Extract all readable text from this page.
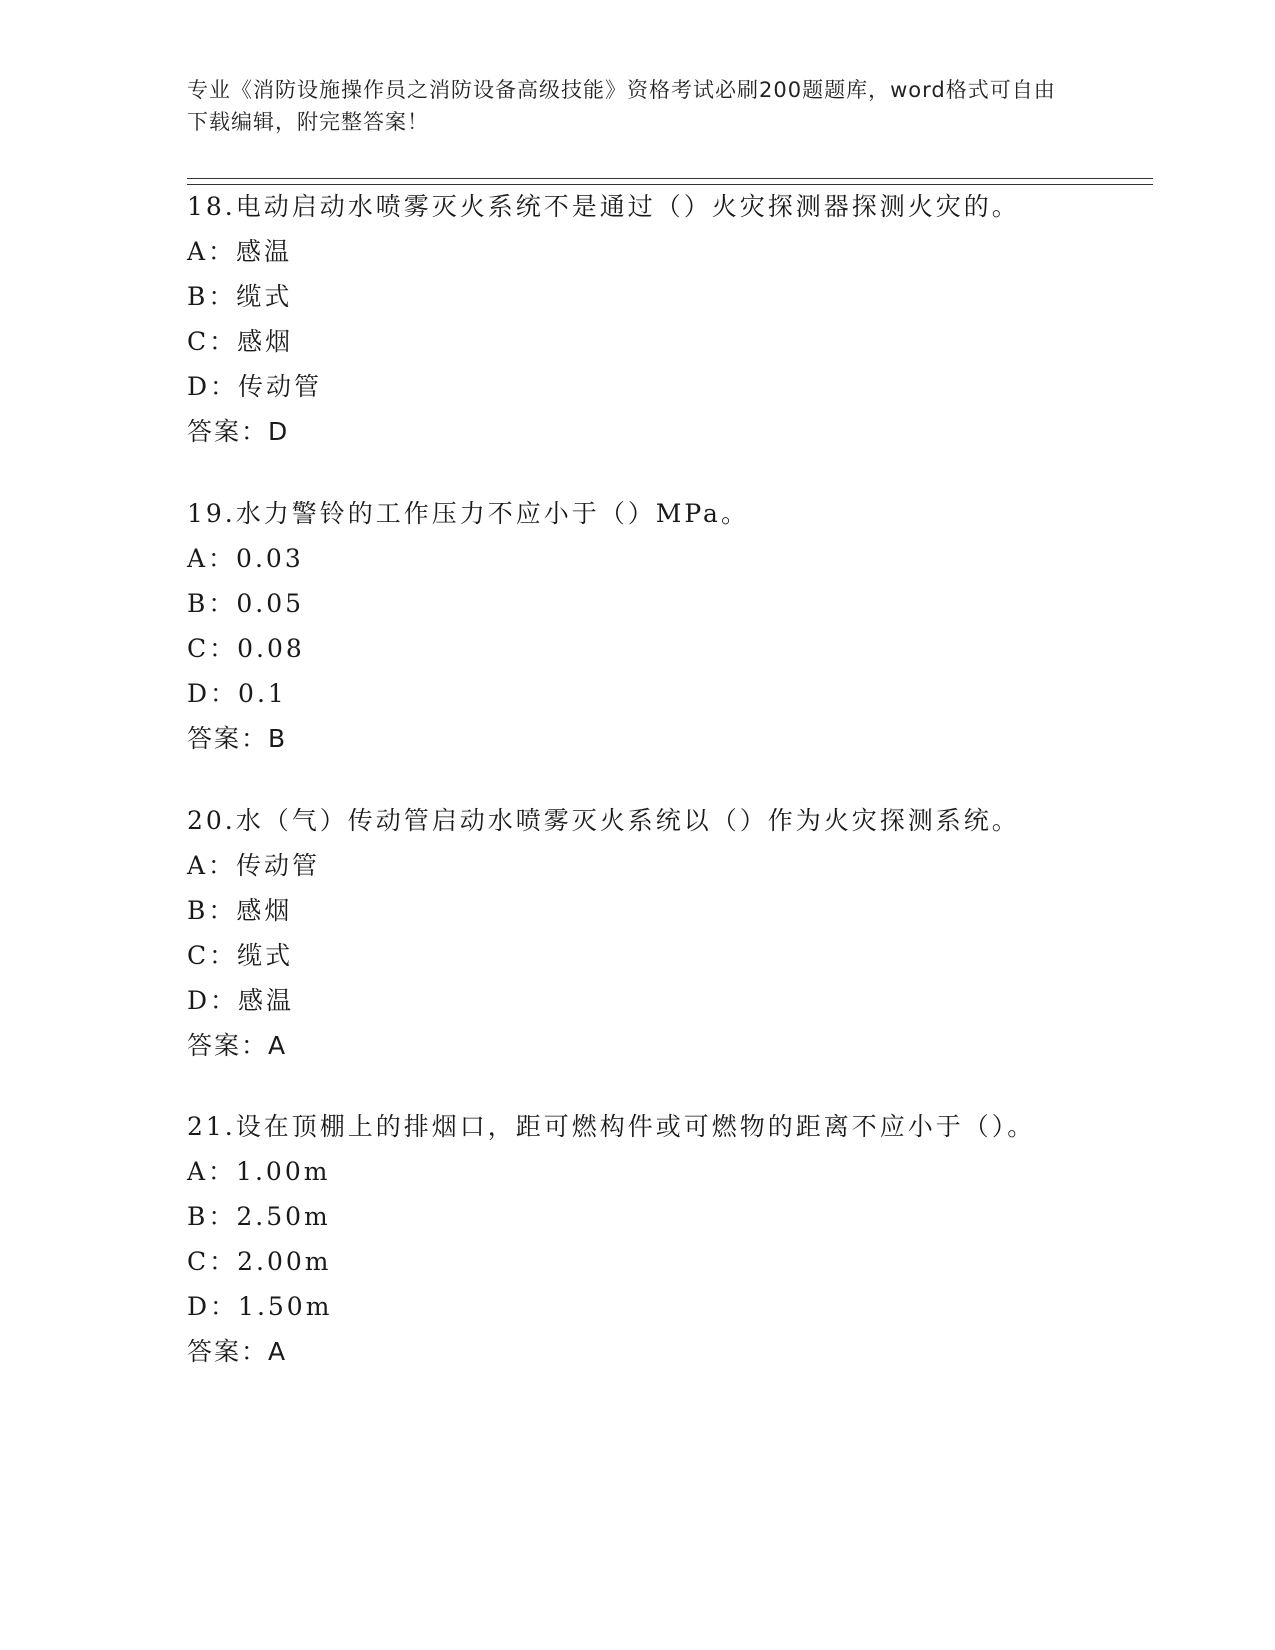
专业《消防设施操作员之消防设备高级技能》资格考试必刷200题题库，word格式可自由下载编辑，附完整答案！
18.电动启动水喷雾灭火系统不是通过（）火灾探测器探测火灾的。
A：感温
B：缆式
C：感烟
D：传动管
答案：D
19.水力警铃的工作压力不应小于（）MPa。
A：0.03
B：0.05
C：0.08
D：0.1
答案：B
20.水（气）传动管启动水喷雾灭火系统以（）作为火灾探测系统。
A：传动管
B：感烟
C：缆式
D：感温
答案：A
21.设在顶棚上的排烟口，距可燃构件或可燃物的距离不应小于（）。
A：1.00m
B：2.50m
C：2.00m
D：1.50m
答案：A
